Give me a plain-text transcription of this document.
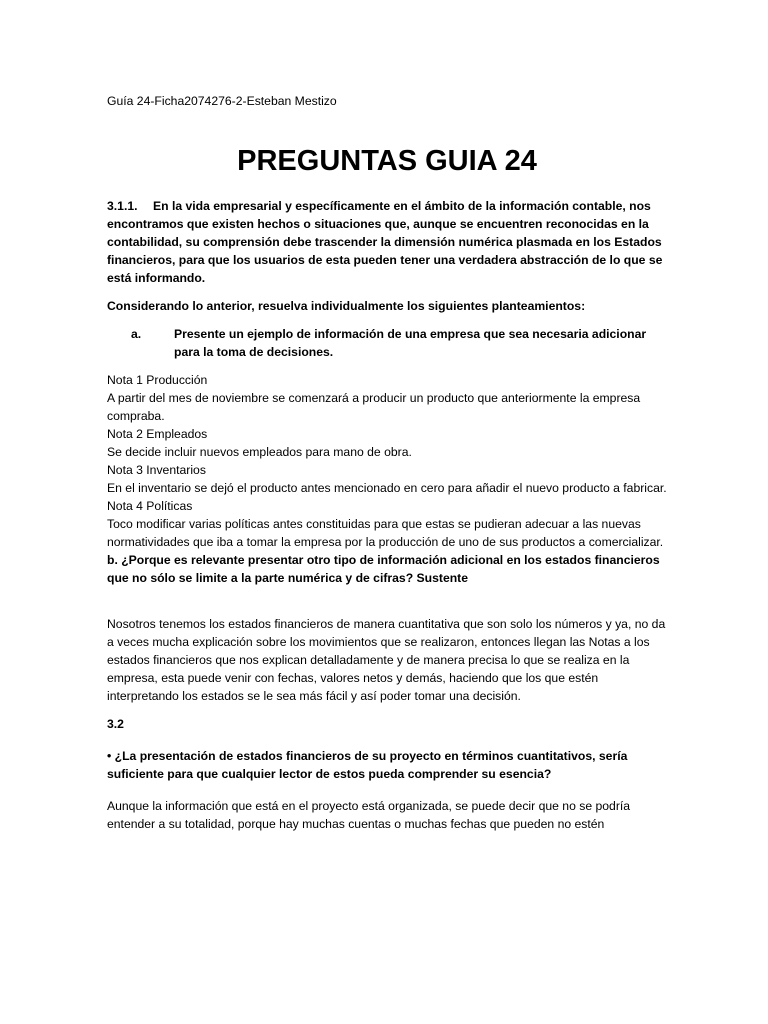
Guía 24-Ficha2074276-2-Esteban Mestizo

PREGUNTAS GUIA 24

3.1.1. En la vida empresarial y específicamente en el ámbito de la información contable, nos encontramos que existen hechos o situaciones que, aunque se encuentren reconocidas en la contabilidad, su comprensión debe trascender la dimensión numérica plasmada en los Estados financieros, para que los usuarios de esta pueden tener una verdadera abstracción de lo que se está informando.

Considerando lo anterior, resuelva individualmente los siguientes planteamientos:

a.	Presente un ejemplo de información de una empresa que sea necesaria adicionar para la toma de decisiones.

Nota 1 Producción

A partir del mes de noviembre se comenzará a producir un producto que anteriormente la empresa compraba.

Nota 2 Empleados

Se decide incluir nuevos empleados para mano de obra.

Nota 3 Inventarios

En el inventario se dejó el producto antes mencionado en cero para añadir el nuevo producto a fabricar.

Nota 4 Políticas

Toco modificar varias políticas antes constituidas para que estas se pudieran adecuar a las nuevas normatividades que iba a tomar la empresa por la producción de uno de sus productos a comercializar.

b. ¿Porque es relevante presentar otro tipo de información adicional en los estados financieros que no sólo se limite a la parte numérica y de cifras? Sustente

Nosotros tenemos los estados financieros de manera cuantitativa que son solo los números y ya, no da a veces mucha explicación sobre los movimientos que se realizaron, entonces llegan las Notas a los estados financieros que nos explican detalladamente y de manera precisa lo que se realiza en la empresa, esta puede venir con fechas, valores netos y demás, haciendo que los que estén interpretando los estados se le sea más fácil y así poder tomar una decisión.

3.2

• ¿La presentación de estados financieros de su proyecto en términos cuantitativos, sería suficiente para que cualquier lector de estos pueda comprender su esencia?

Aunque la información que está en el proyecto está organizada, se puede decir que no se podría entender a su totalidad, porque hay muchas cuentas o muchas fechas que pueden no estén
